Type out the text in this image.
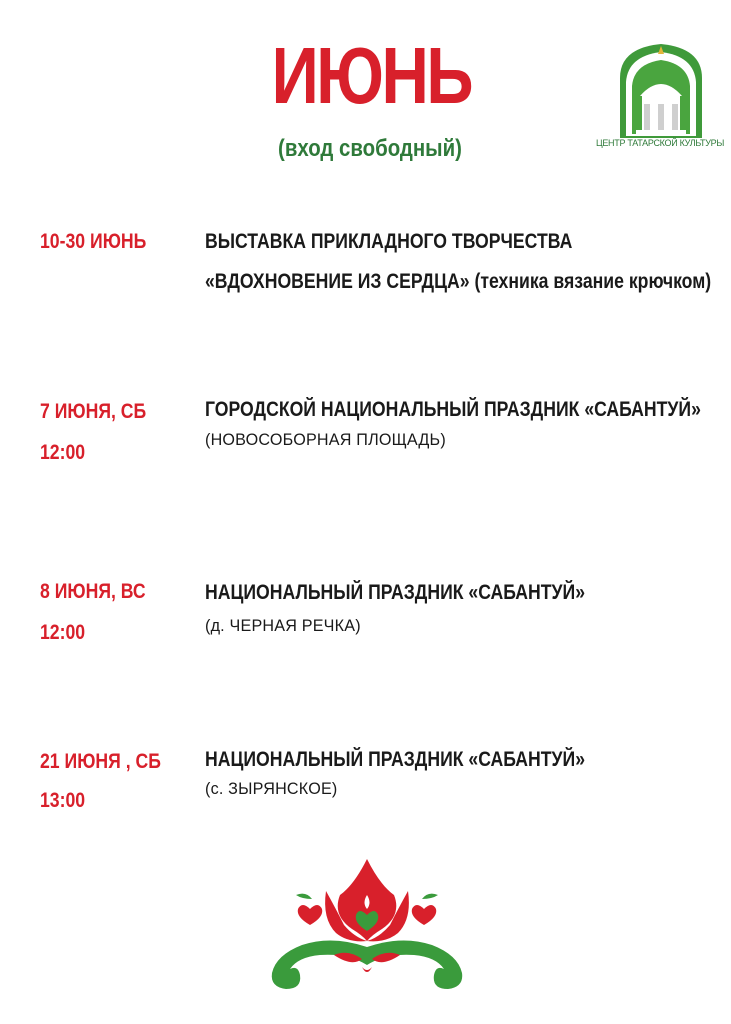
ИЮНЬ
(вход свободный)	ЦЕНТР ТАТАРСКОЙ КУЛЬТУРЫ
10-30 ИЮНЬ	ВЫСТАВКА ПРИКЛАДНОГО ТВОРЧЕСТВА
«ВДОХНОВЕНИЕ ИЗ СЕРДЦА» (техника вязание крючком)
7 ИЮНЯ, СБ
12:00
ГОРОДСКОЙ НАЦИОНАЛЬНЫЙ ПРАЗДНИК «САБАНТУЙ»
(НОВОСОБОРНАЯ ПЛОЩАДЬ)
8 ИЮНЯ, ВС
12:00
НАЦИОНАЛЬНЫЙ ПРАЗДНИК «САБАНТУЙ»
(д. ЧЕРНАЯ РЕЧКА)
21 ИЮНЯ , СБ
13:00
НАЦИОНАЛЬНЫЙ ПРАЗДНИК «САБАНТУЙ»
(с. ЗЫРЯНСКОЕ)
